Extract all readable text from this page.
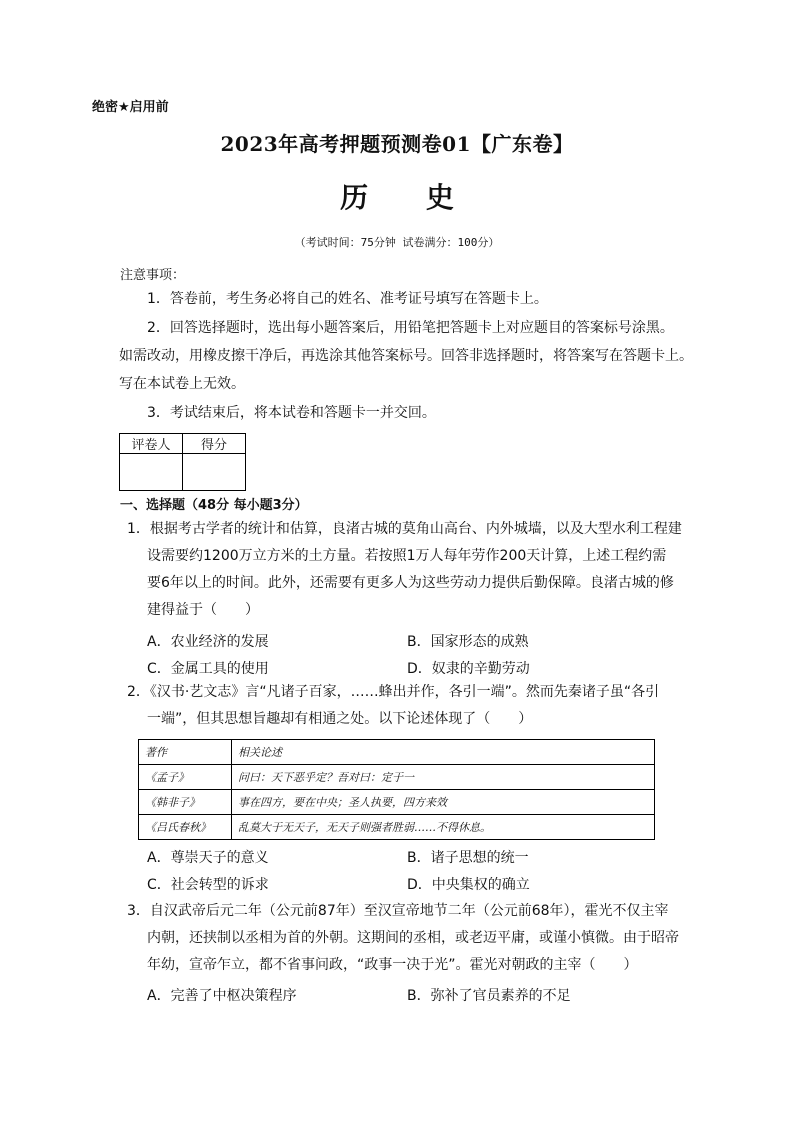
绝密★启用前
2023年高考押题预测卷01【广东卷】
历 史
（考试时间：75分钟 试卷满分：100分）
注意事项：
1．答卷前，考生务必将自己的姓名、准考证号填写在答题卡上。
2．回答选择题时，选出每小题答案后，用铅笔把答题卡上对应题目的答案标号涂黑。
如需改动，用橡皮擦干净后，再选涂其他答案标号。回答非选择题时，将答案写在答题卡上。
写在本试卷上无效。
3．考试结束后，将本试卷和答题卡一并交回。
评卷人	得分

一、选择题（48分 每小题3分）
1．根据考古学者的统计和估算，良渚古城的莫角山高台、内外城墙，以及大型水利工程建
设需要约1200万立方米的土方量。若按照1万人每年劳作200天计算，上述工程约需
要6年以上的时间。此外，还需要有更多人为这些劳动力提供后勤保障。良渚古城的修
建得益于（　　）
A．农业经济的发展	B．国家形态的成熟
C．金属工具的使用	D．奴隶的辛勤劳动
2．《汉书·艺文志》言“凡诸子百家，……蜂出并作，各引一端”。然而先秦诸子虽“各引
一端”，但其思想旨趣却有相通之处。以下论述体现了（　　）
著作	相关论述
《孟子》	问曰：天下恶乎定？吾对曰：定于一
《韩非子》	事在四方，要在中央；圣人执要，四方来效
《吕氏春秋》	乱莫大于无天子，无天子则强者胜弱……不得休息。
A．尊崇天子的意义	B．诸子思想的统一
C．社会转型的诉求	D．中央集权的确立
3．自汉武帝后元二年（公元前87年）至汉宣帝地节二年（公元前68年），霍光不仅主宰
内朝，还挟制以丞相为首的外朝。这期间的丞相，或老迈平庸，或谨小慎微。由于昭帝
年幼，宣帝乍立，都不省事问政，“政事一决于光”。霍光对朝政的主宰（　　）
A．完善了中枢决策程序	B．弥补了官员素养的不足
